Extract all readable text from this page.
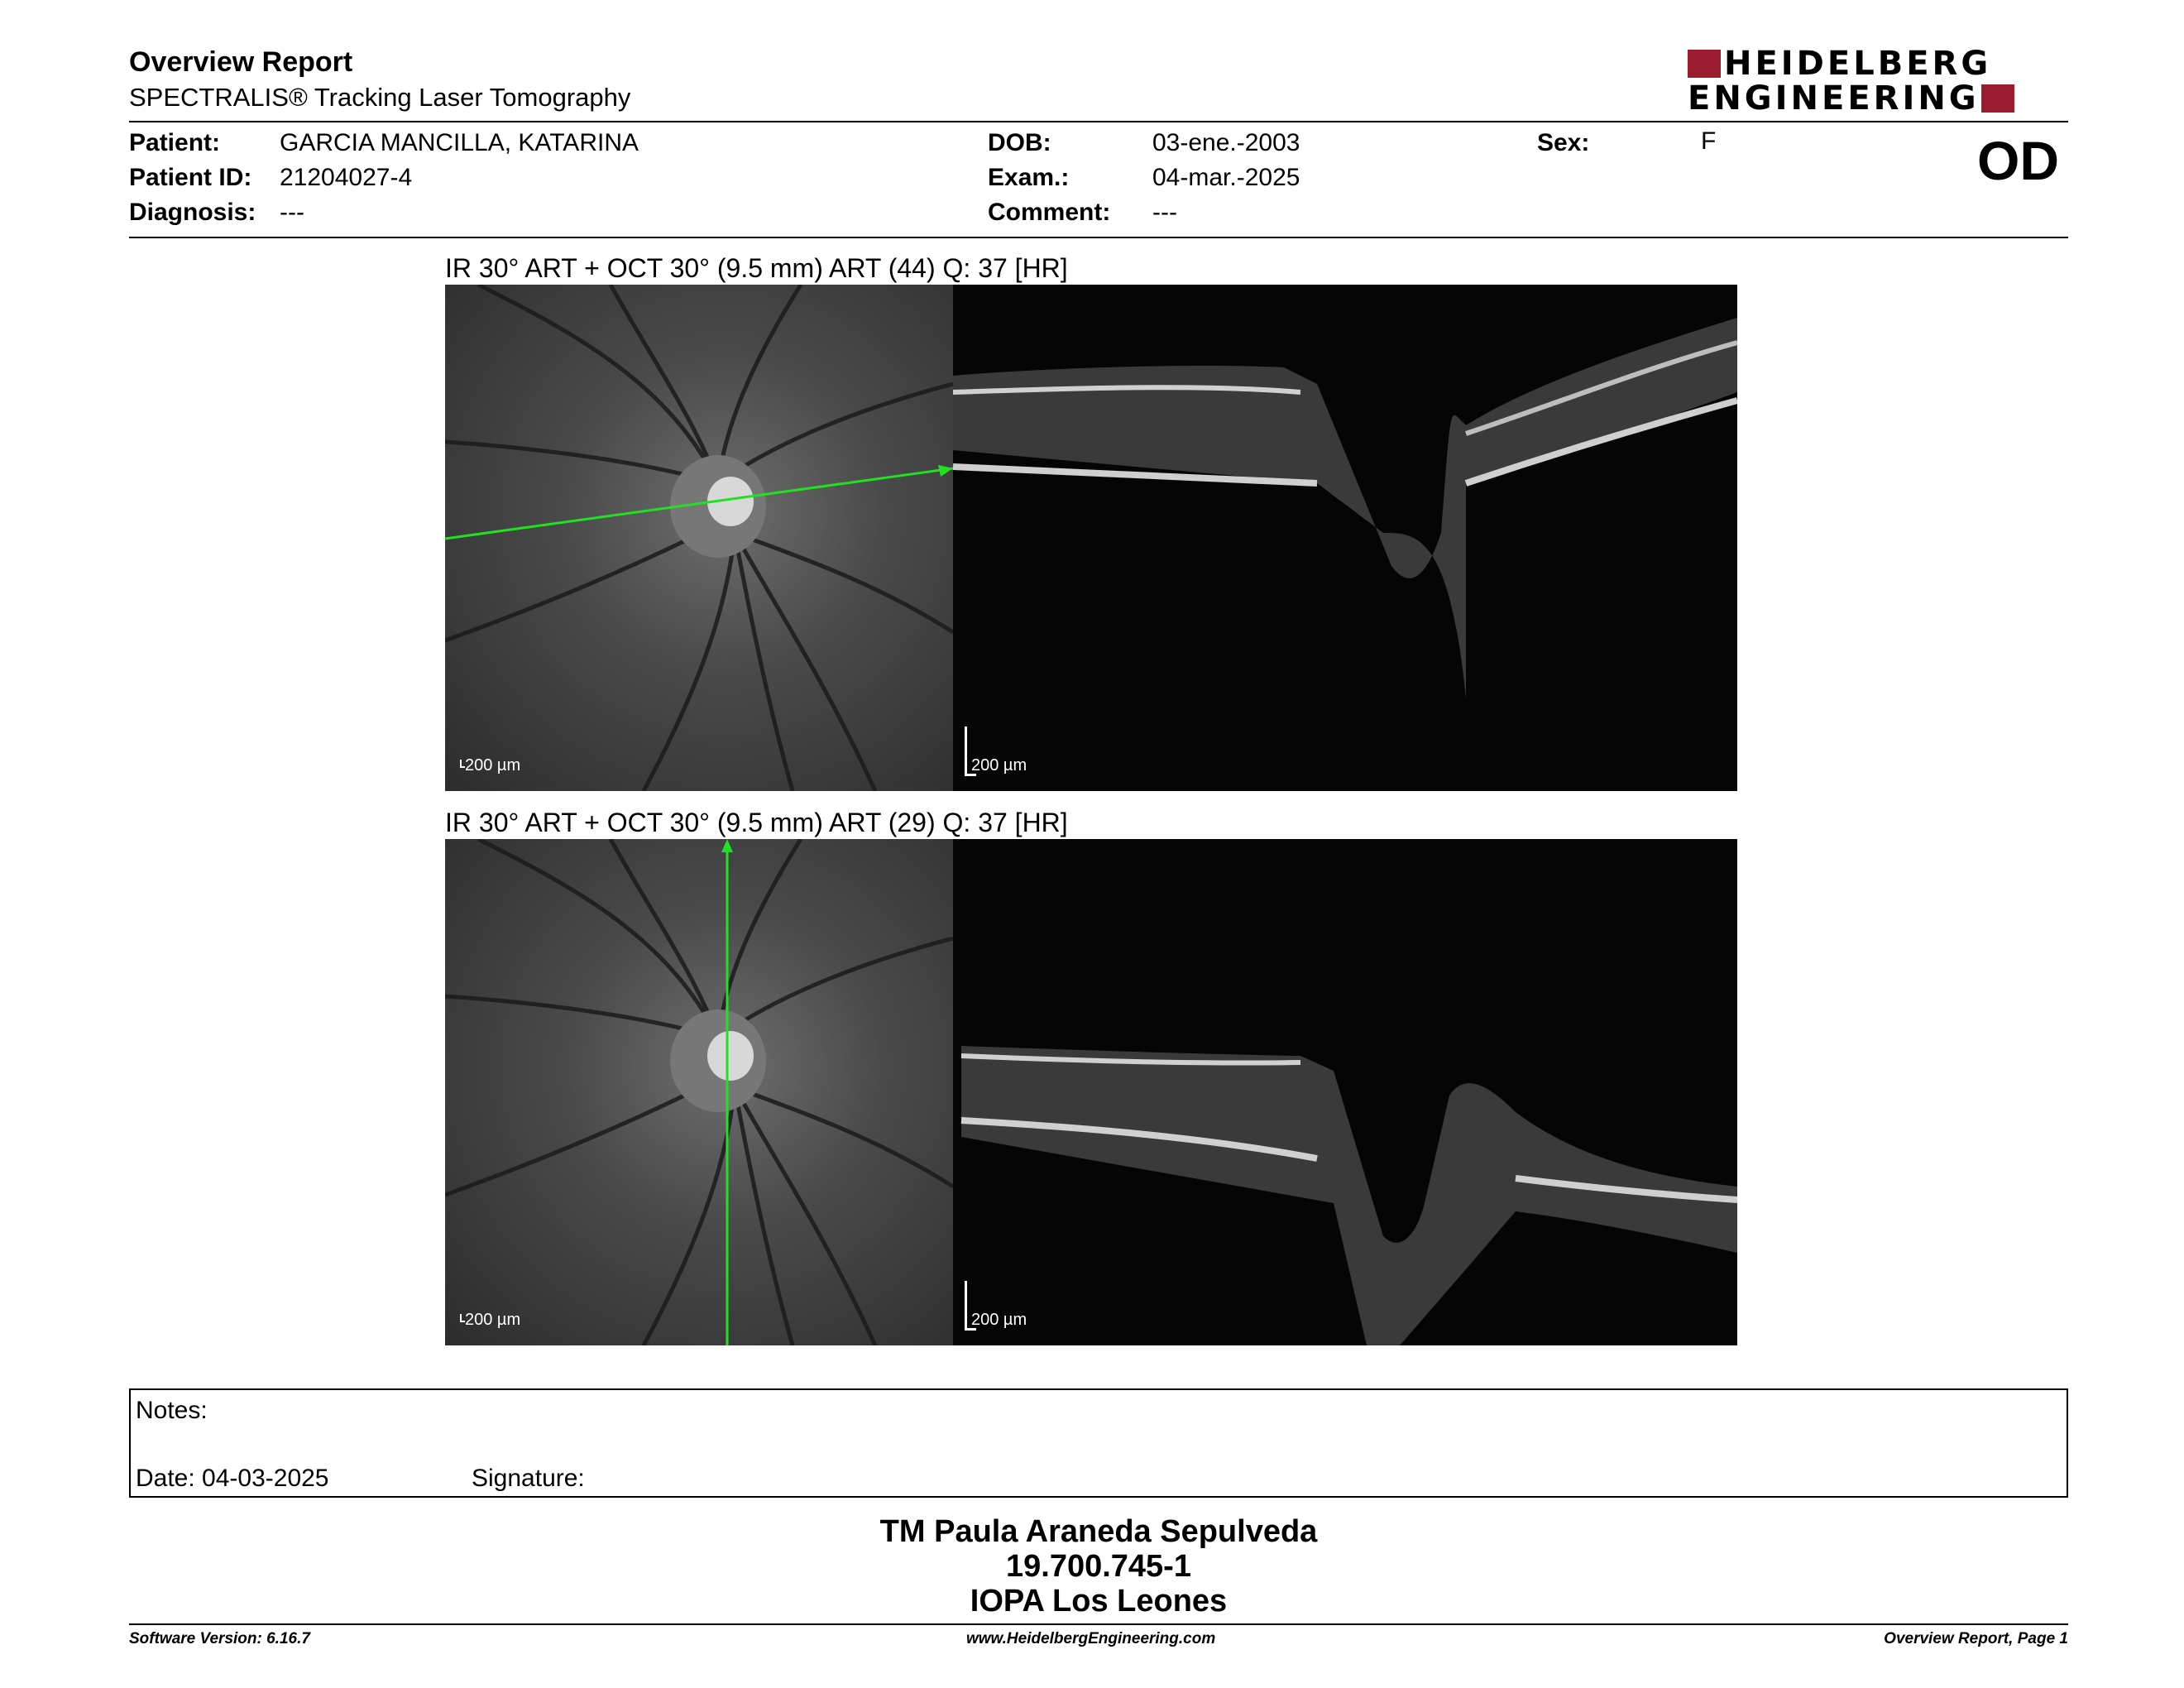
Overview Report
SPECTRALIS® Tracking Laser Tomography
HEIDELBERG
ENGINEERING
Patient: GARCIA MANCILLA, KATARINA
Patient ID: 21204027-4
Diagnosis: ---
DOB:	03-ene.-2003
Exam.:	04-mar.-2025
Comment: ---
Sex:	F	OD
IR 30° ART + OCT 30° (9.5 mm) ART (44) Q: 37 [HR]
200 µm	200 µm
IR 30° ART + OCT 30° (9.5 mm) ART (29) Q: 37 [HR]
200 µm	200 µm
Notes:
Date: 04-03-2025	Signature:
TM Paula Araneda Sepulveda
19.700.745-1
IOPA Los Leones
Software Version: 6.16.7	www.HeidelbergEngineering.com	Overview Report, Page 1
